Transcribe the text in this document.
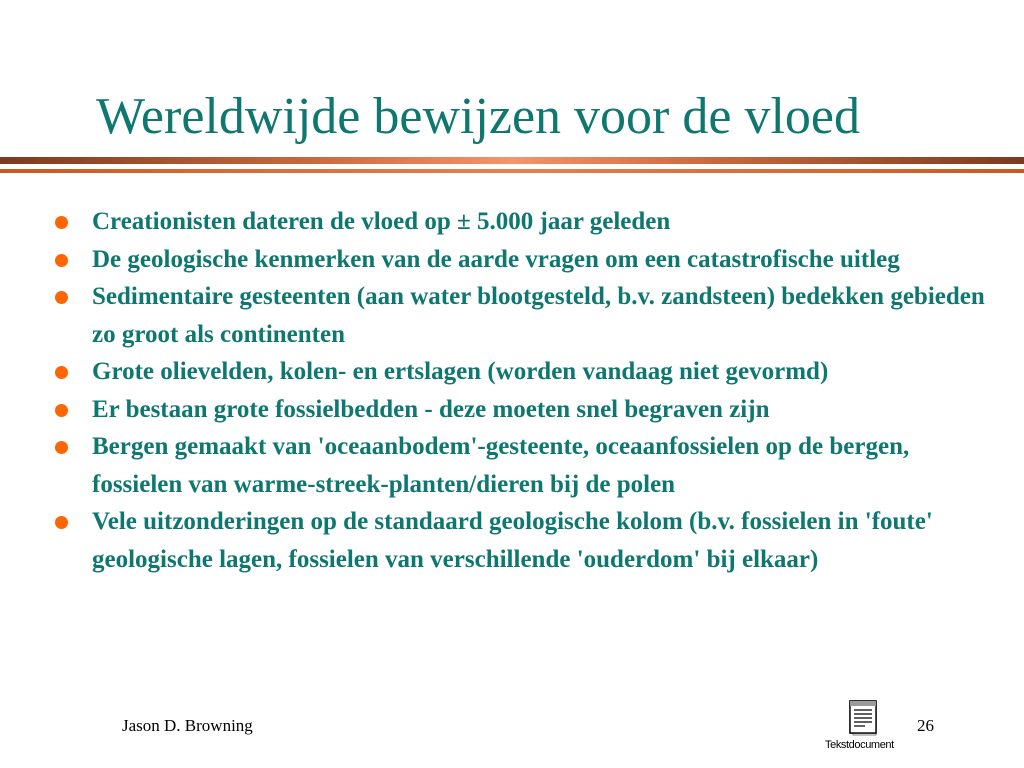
Wereldwijde bewijzen voor de vloed
Creationisten dateren de vloed op ± 5.000 jaar geleden
De geologische kenmerken van de aarde vragen om een catastrofische uitleg
Sedimentaire gesteenten (aan water blootgesteld, b.v. zandsteen) bedekken gebieden zo groot als continenten
Grote olievelden, kolen- en ertslagen (worden vandaag niet gevormd)
Er bestaan grote fossielbedden - deze moeten snel begraven zijn
Bergen gemaakt van 'oceaanbodem'-gesteente, oceaanfossielen op de bergen, fossielen van warme-streek-planten/dieren bij de polen
Vele uitzonderingen op de standaard geologische kolom (b.v. fossielen in 'foute' geologische lagen, fossielen van verschillende 'ouderdom' bij elkaar)
Jason D. Browning
Tekstdocument
26
